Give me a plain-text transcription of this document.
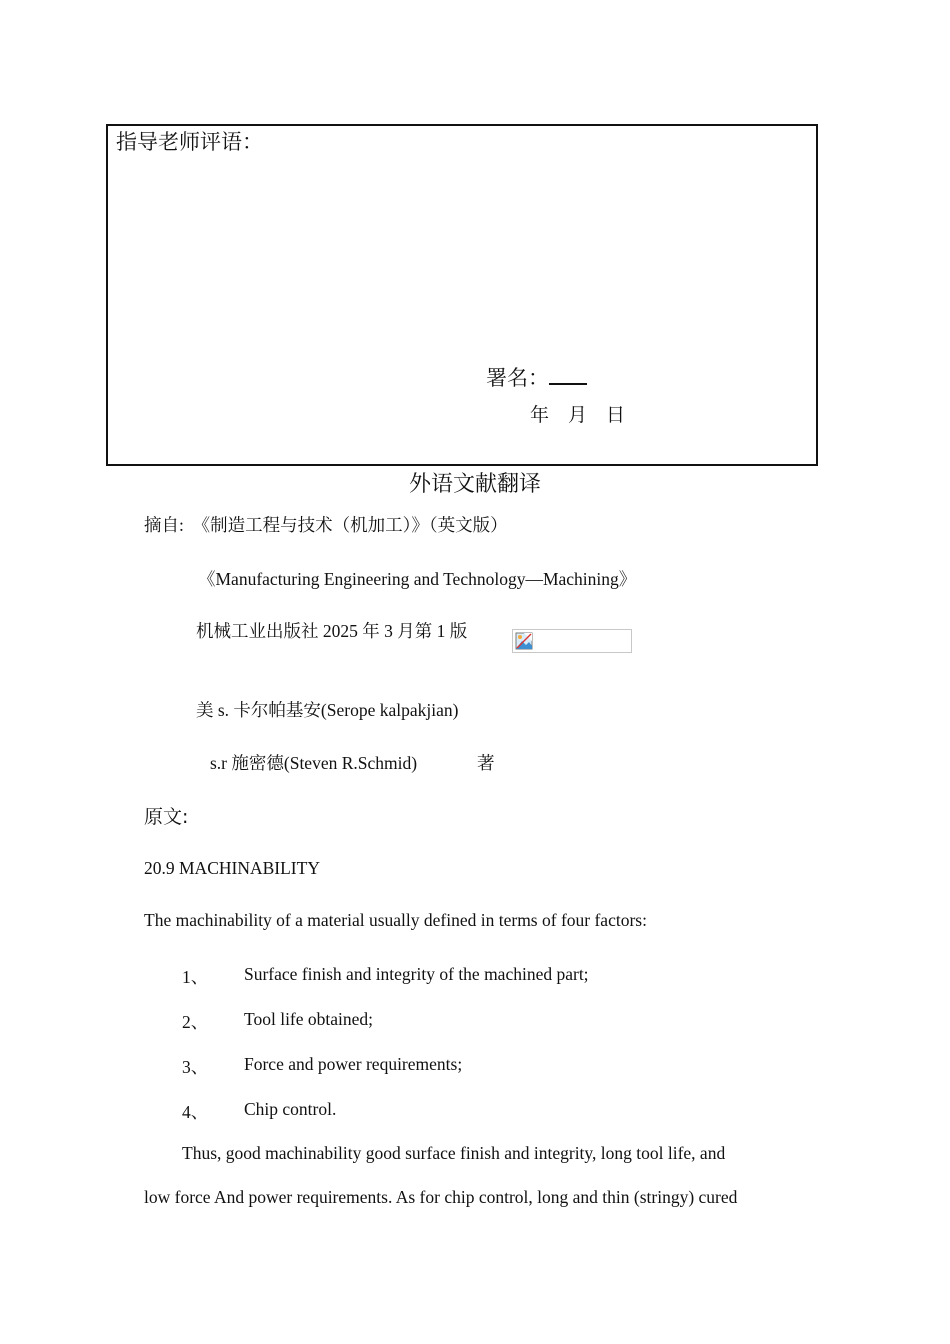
指导老师评语：
署名：
年　月　日
外语文献翻译
摘自: 《制造工程与技术（机加工）》（英文版）
《Manufacturing Engineering and Technology—Machining》
机械工业出版社 2025 年 3 月第 1 版
美 s. 卡尔帕基安(Serope kalpakjian)
s.r 施密德(Steven R.Schmid)	著
原文:
20.9 MACHINABILITY
The machinability of a material usually defined in terms of four factors:
1、 Surface finish and integrity of the machined part;
2、 Tool life obtained;
3、 Force and power requirements;
4、 Chip control.
Thus, good machinability good surface finish and integrity, long tool life, and
low force And power requirements. As for chip control, long and thin (stringy) cured
